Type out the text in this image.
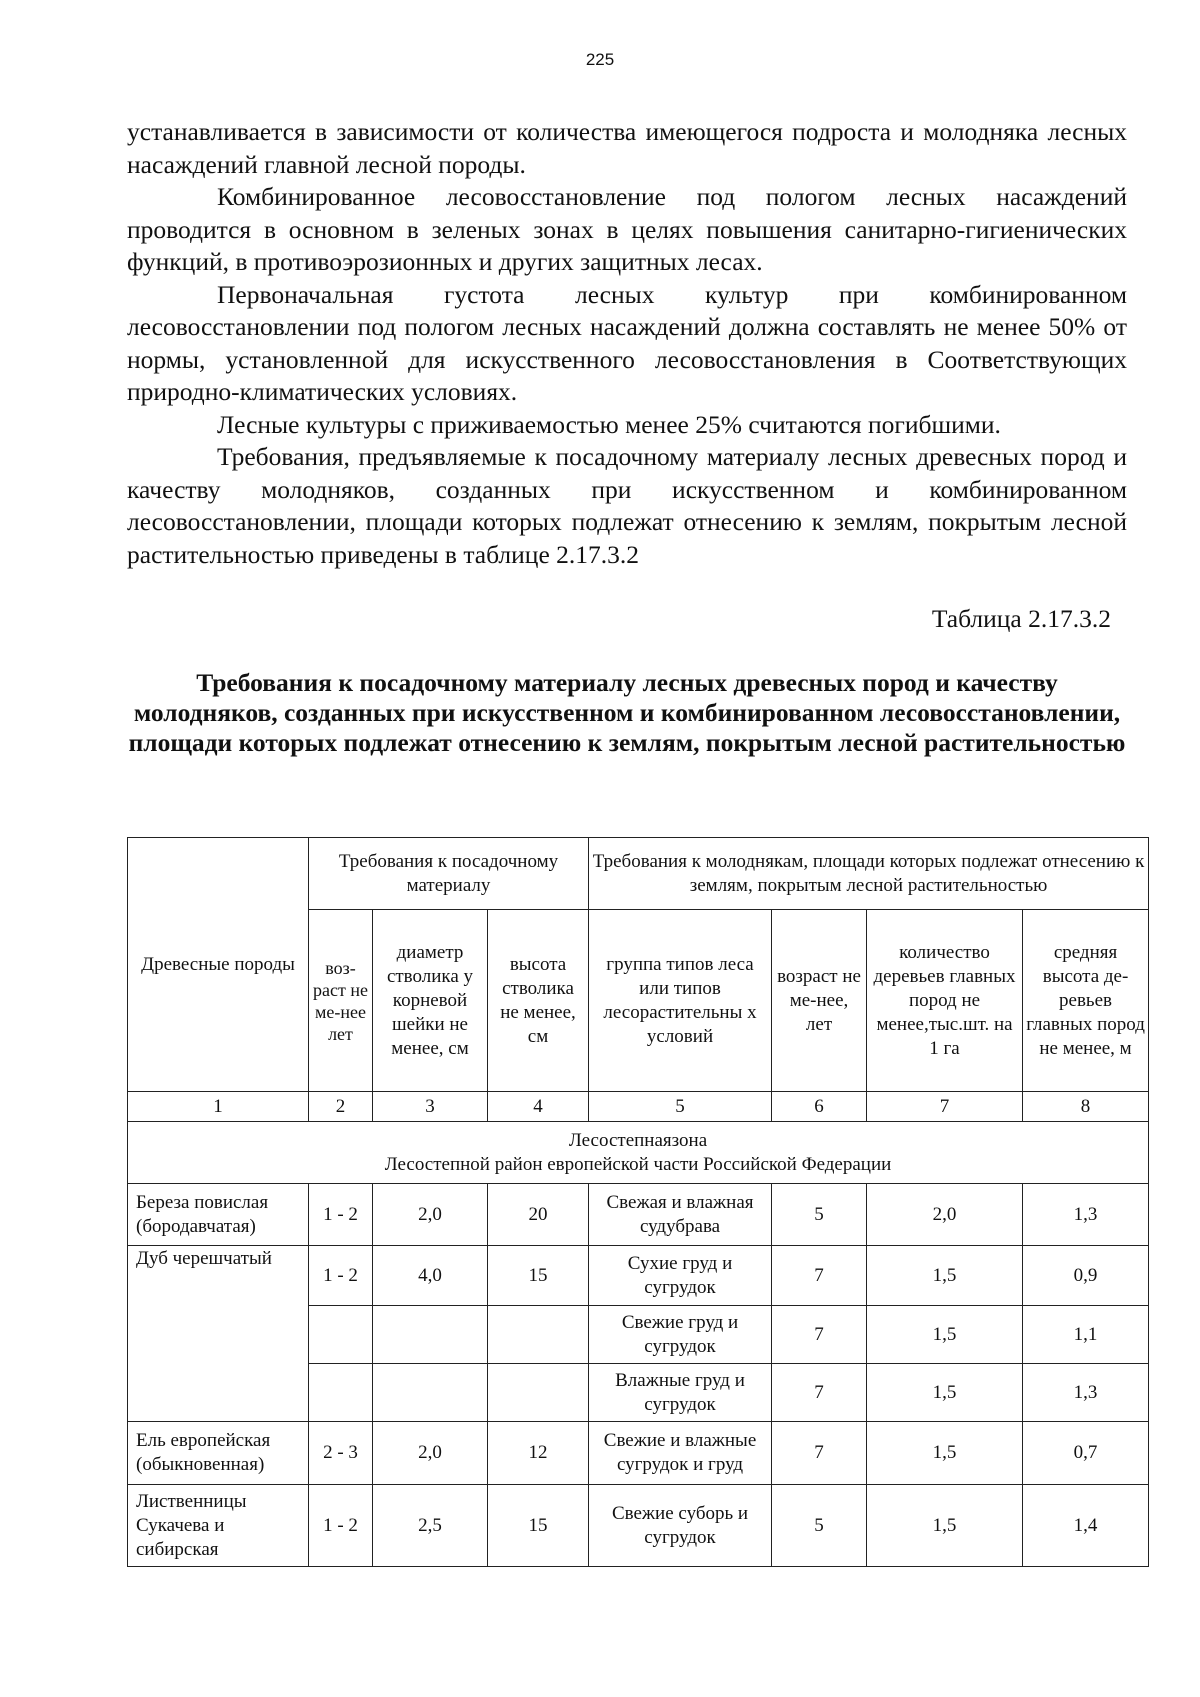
225

устанавливается в зависимости от количества имеющегося подроста и молодняка лесных насаждений главной лесной породы.

Комбинированное лесовосстановление под пологом лесных насаждений проводится в основном в зеленых зонах в целях повышения санитарно-гигиенических функций, в противоэрозионных и других защитных лесах.

Первоначальная густота лесных культур при комбинированном лесовосстановлении под пологом лесных насаждений должна составлять не менее 50% от нормы, установленной для искусственного лесовосстановления в Соответствующих природно-климатических условиях.

Лесные культуры с приживаемостью менее 25% считаются погибшими.

Требования, предъявляемые к посадочному материалу лесных древесных пород и качеству молодняков, созданных при искусственном и комбинированном лесовосстановлении, площади которых подлежат отнесению к землям, покрытым лесной растительностью приведены в таблице 2.17.3.2

Таблица 2.17.3.2
Требования к посадочному материалу лесных древесных пород и качеству молодняков, созданных при искусственном и комбинированном лесовосстановлении, площади которых подлежат отнесению к землям, покрытым лесной растительностью
Древесные породы	Требования к посадочному материалу			Требования к молоднякам, площади которых подлежат отнесению к землям, покрытым лесной растительностью			
	воз-раст не ме-нее лет	диаметр стволика у корневой шейки не менее, см	высота стволика не менее, см	группа типов леса или типов лесорастительны х условий	возраст не ме-нее, лет	количество деревьев главных пород не менее,тыс.шт. на 1 га	средняя высота де-ревьев главных пород не менее, м
1	2	3	4	5	6	7	8

Лесостепнаязона
Лесостепной район европейской части Российской Федерации							

Береза повислая (бородавчатая)	1 - 2	2,0	20	Свежая и влажная судубрава	5	2,0	1,3
Дуб черешчатый	1 - 2	4,0	15	Сухие груд и сугрудок	7	1,5	0,9
				Свежие груд и сугрудок	7	1,5	1,1
				Влажные груд и сугрудок	7	1,5	1,3
Ель европейская (обыкновенная)	2 - 3	2,0	12	Свежие и влажные сугрудок и груд	7	1,5	0,7
Лиственницы Сукачева и сибирская	1 - 2	2,5	15	Свежие суборь и сугрудок	5	1,5	1,4
